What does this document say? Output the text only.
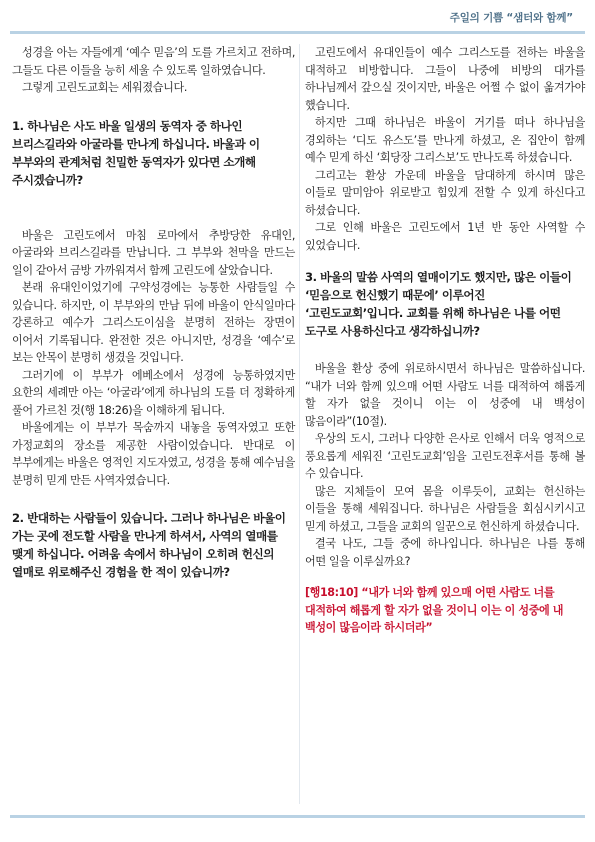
주일의 기쁨 “샘터와 함께”

성경을 아는 자들에게 ‘예수 믿음’의 도를 가르치고 전하며, 그들도 다른 이들을 능히 세울 수 있도록 일하였습니다.

그렇게 고린도교회는 세워졌습니다.

1. 하나님은 사도 바울 일생의 동역자 중 하나인 브리스길라와 아굴라를 만나게 하십니다. 바울과 이 부부와의 관계처럼 친밀한 동역자가 있다면 소개해 주시겠습니까?

바울은 고린도에서 마침 로마에서 추방당한 유대인, 아굴라와 브리스길라를 만납니다. 그 부부와 천막을 만드는 일이 같아서 금방 가까워져서 함께 고린도에 살았습니다.

본래 유대인이었기에 구약성경에는 능통한 사람들일 수 있습니다. 하지만, 이 부부와의 만남 뒤에 바울이 안식일마다 강론하고 예수가 그리스도이심을 분명히 전하는 장면이 이어서 기록됩니다. 완전한 것은 아니지만, 성경을 ‘예수’로 보는 안목이 분명히 생겼을 것입니다.

그러기에 이 부부가 에베소에서 성경에 능통하였지만 요한의 세례만 아는 ‘아굴라’에게 하나님의 도를 더 정확하게 풀어 가르친 것(행 18:26)을 이해하게 됩니다.

바울에게는 이 부부가 목숨까지 내놓을 동역자였고 또한 가정교회의 장소를 제공한 사람이었습니다. 반대로 이 부부에게는 바울은 영적인 지도자였고, 성경을 통해 예수님을 분명히 믿게 만든 사역자였습니다.

2. 반대하는 사람들이 있습니다. 그러나 하나님은 바울이 가는 곳에 전도할 사람을 만나게 하셔서, 사역의 열매를 맺게 하십니다. 어려움 속에서 하나님이 오히려 헌신의 열매로 위로해주신 경험을 한 적이 있습니까?

고린도에서 유대인들이 예수 그리스도를 전하는 바울을 대적하고 비방합니다. 그들이 나중에 비방의 대가를 하나님께서 갚으실 것이지만, 바울은 어쩔 수 없이 옮겨가야 했습니다.

하지만 그때 하나님은 바울이 거기를 떠나 하나님을 경외하는 ‘디도 유스도’를 만나게 하셨고, 온 집안이 함께 예수 믿게 하신 ‘회당장 그리스보’도 만나도록 하셨습니다.

그리고는 환상 가운데 바울을 담대하게 하시며 많은 이들로 말미암아 위로받고 힘있게 전할 수 있게 하신다고 하셨습니다.

그로 인해 바울은 고린도에서 1년 반 동안 사역할 수 있었습니다.

3. 바울의 말씀 사역의 열매이기도 했지만, 많은 이들이 ‘믿음으로 헌신했기 때문에’ 이루어진 ‘고린도교회’입니다. 교회를 위해 하나님은 나를 어떤 도구로 사용하신다고 생각하십니까?

바울을 환상 중에 위로하시면서 하나님은 말씀하십니다. “내가 너와 함께 있으매 어떤 사람도 너를 대적하여 해롭게 할 자가 없을 것이니 이는 이 성중에 내 백성이 많음이라”(10절).

우상의 도시, 그러나 다양한 은사로 인해서 더욱 영적으로 풍요롭게 세워진 ‘고린도교회’임을 고린도전후서를 통해 볼 수 있습니다.

많은 지체들이 모여 몸을 이루듯이, 교회는 헌신하는 이들을 통해 세워집니다. 하나님은 사람들을 회심시키시고 믿게 하셨고, 그들을 교회의 일꾼으로 헌신하게 하셨습니다.

결국 나도, 그들 중에 하나입니다. 하나님은 나를 통해 어떤 일을 이루실까요?

[행18:10] “내가 너와 함께 있으매 어떤 사람도 너를 대적하여 해롭게 할 자가 없을 것이니 이는 이 성중에 내 백성이 많음이라 하시더라”
